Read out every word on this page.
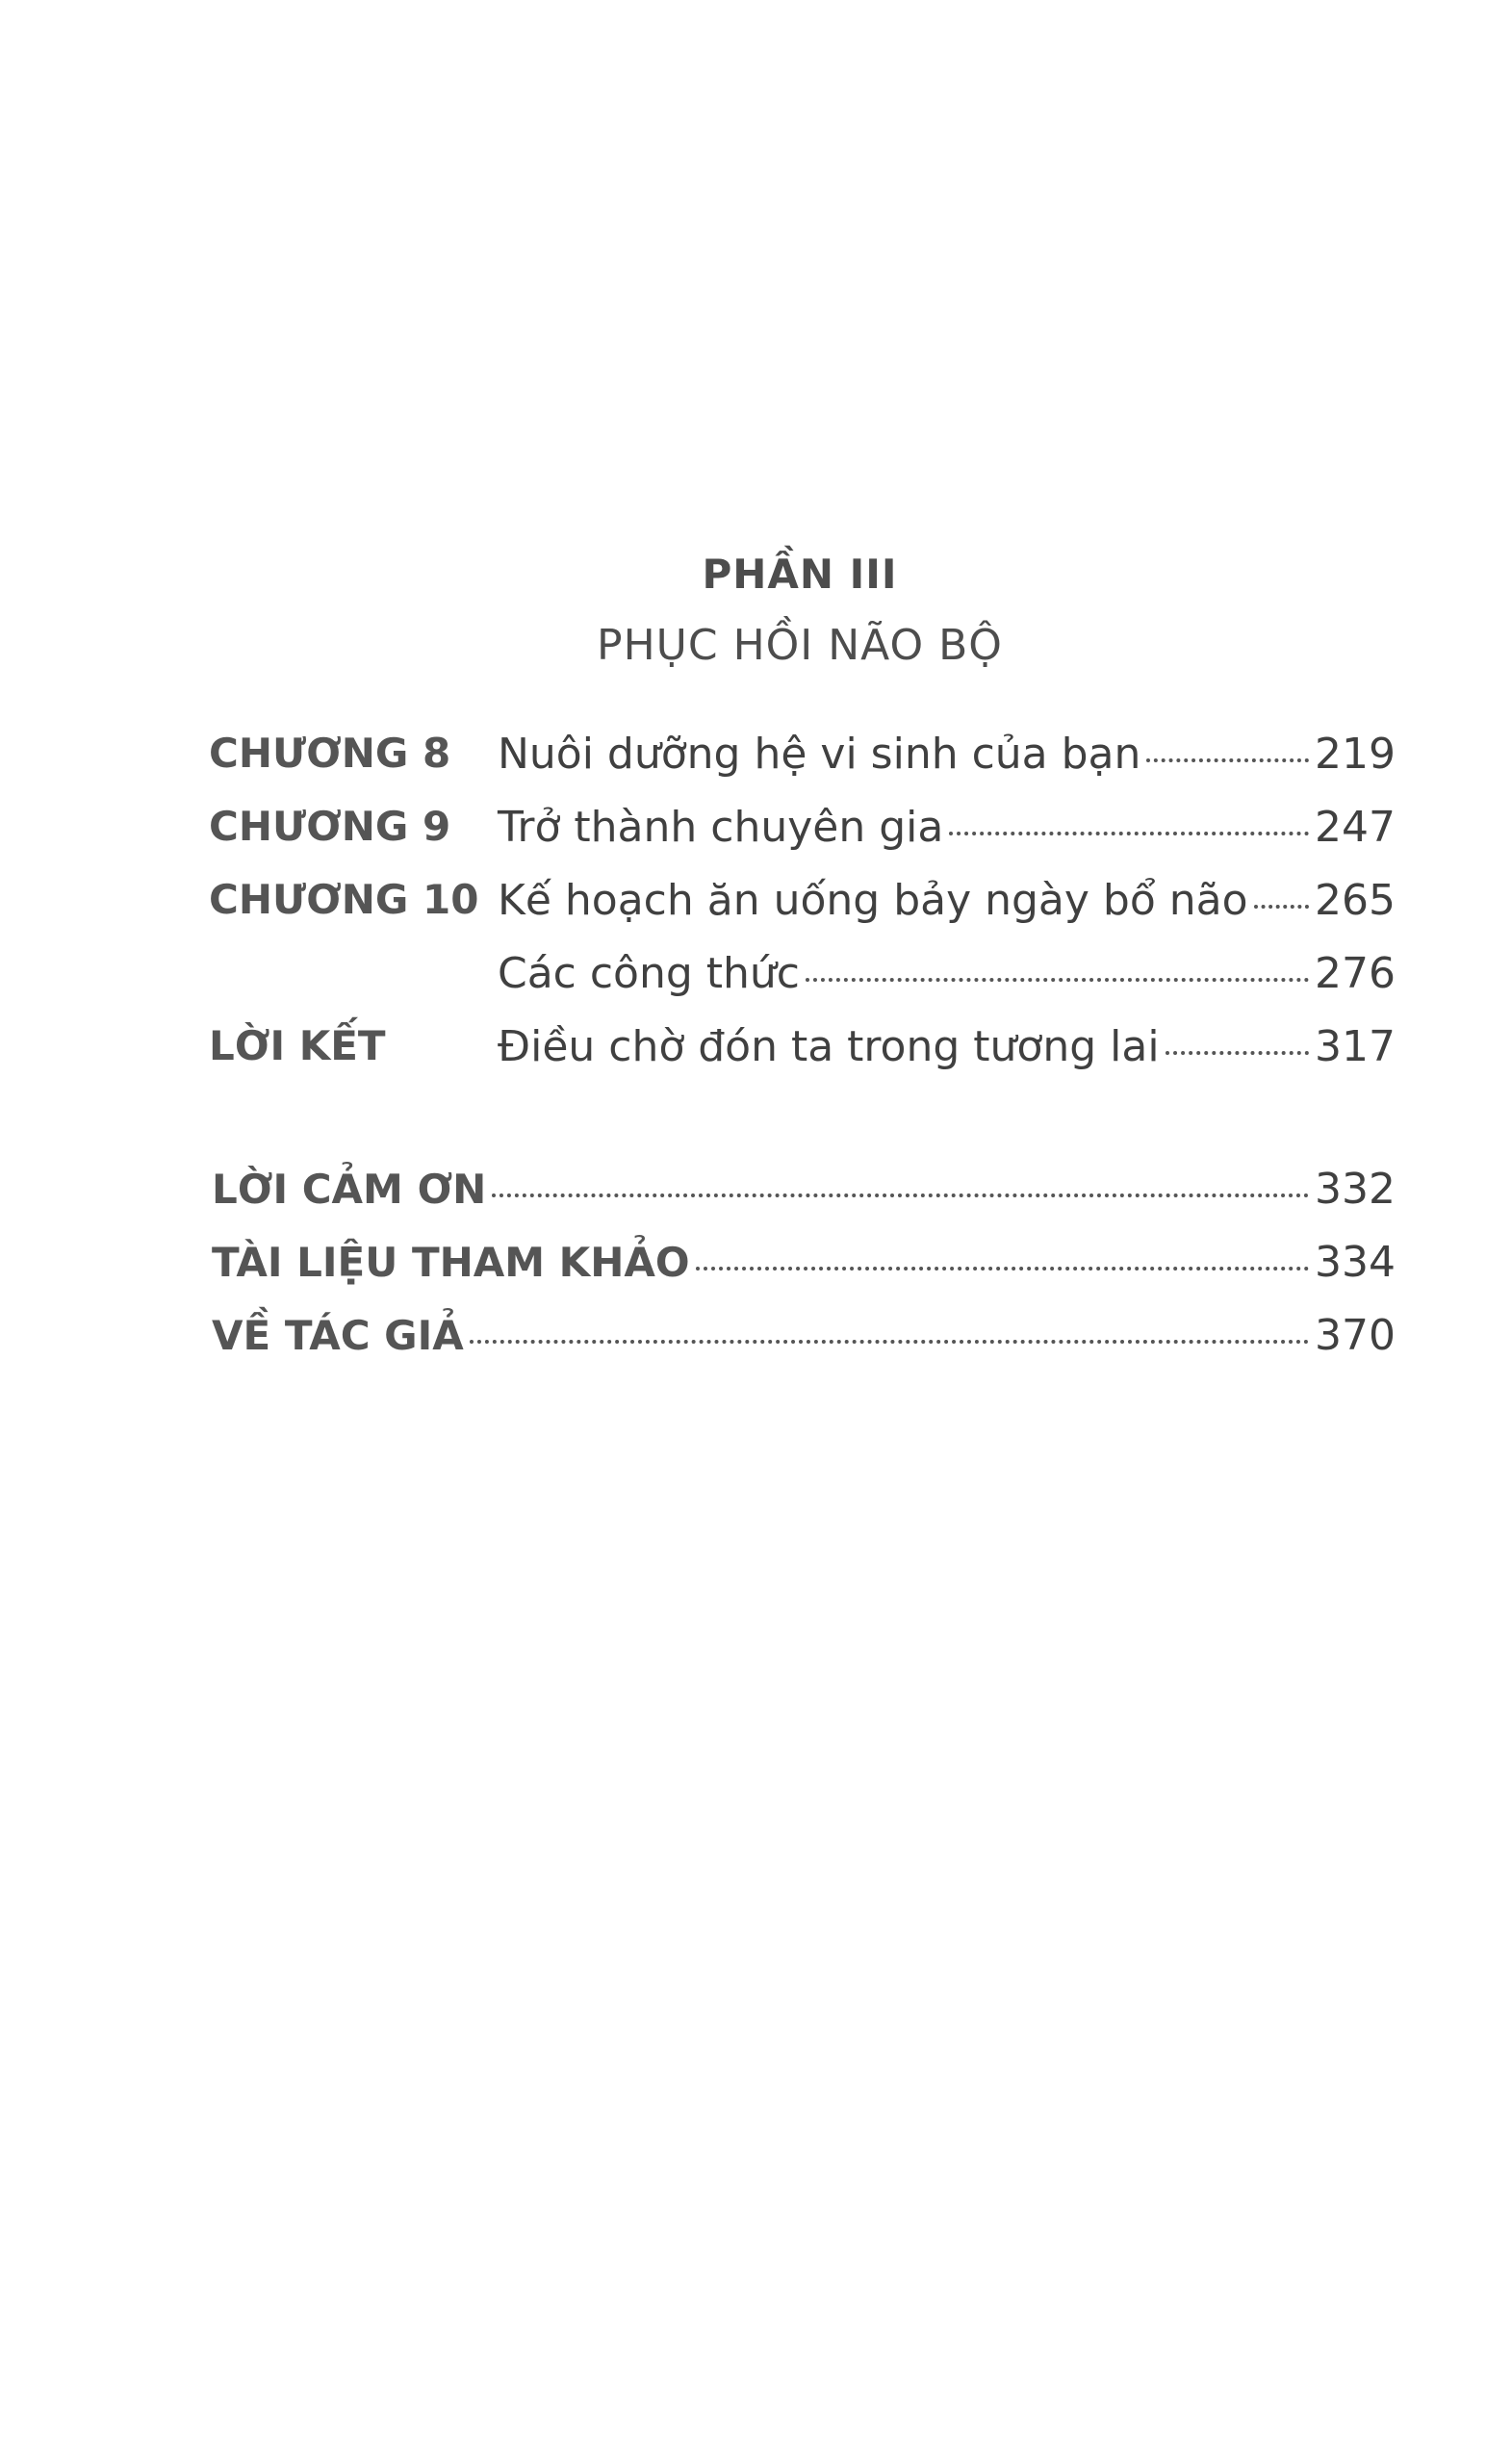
PHẦN III
PHỤC HỒI NÃO BỘ
CHƯƠNG 8 Nuôi dưỡng hệ vi sinh của bạn	219
CHƯƠNG 9 Trở thành chuyên gia	247
CHƯƠNG 10 Kế hoạch ăn uống bảy ngày bổ não 265
Các công thức	276
LỜI KẾT	Điều chờ đón ta trong tương lai	317
LỜI CẢM ƠN	332
TÀI LIỆU THAM KHẢO	334
VỀ TÁC GIẢ	370
